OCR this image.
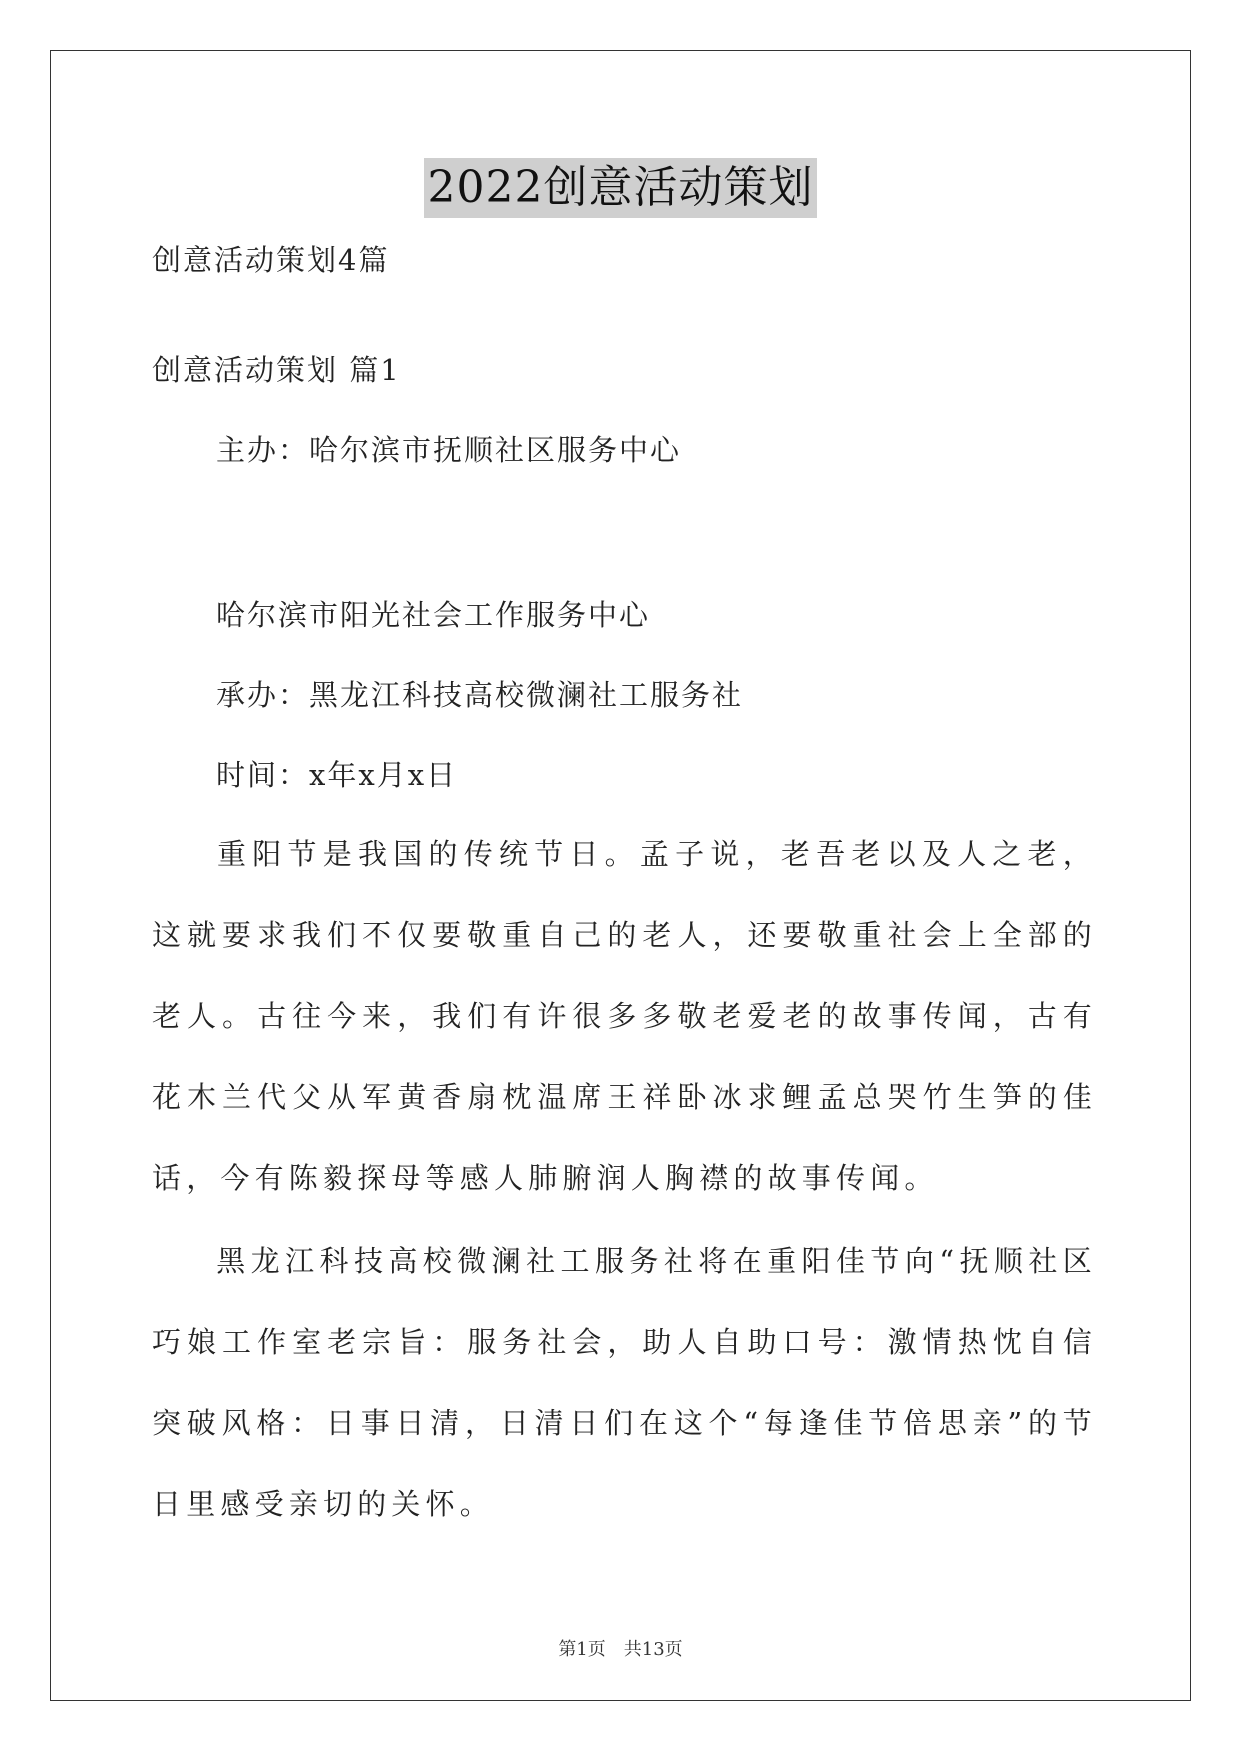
2022创意活动策划
创意活动策划4篇
创意活动策划 篇1
主办：哈尔滨市抚顺社区服务中心
哈尔滨市阳光社会工作服务中心
承办：黑龙江科技高校微澜社工服务社
时间：x年x月x日

重阳节是我国的传统节日。孟子说，老吾老以及人之老，这就要求我们不仅要敬重自己的老人，还要敬重社会上全部的老人。古往今来，我们有许很多多敬老爱老的故事传闻，古有花木兰代父从军黄香扇枕温席王祥卧冰求鲤孟总哭竹生笋的佳话，今有陈毅探母等感人肺腑润人胸襟的故事传闻。

黑龙江科技高校微澜社工服务社将在重阳佳节向“抚顺社区巧娘工作室老宗旨：服务社会，助人自助口号：激情热忱自信突破风格：日事日清，日清日们在这个“每逢佳节倍思亲”的节日里感受亲切的关怀。

第1页 共13页
